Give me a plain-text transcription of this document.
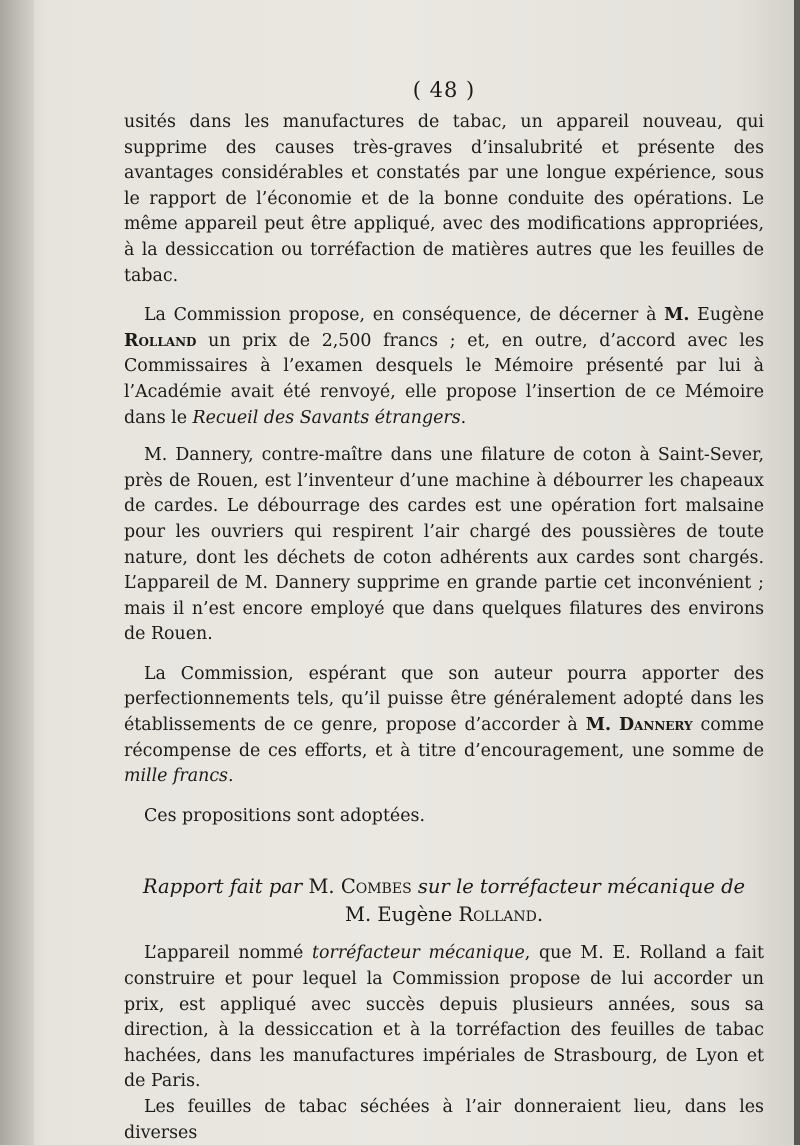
( 48 )

usités dans les manufactures de tabac, un appareil nouveau, qui supprime des causes très-graves d’insalubrité et présente des avantages considérables et constatés par une longue expérience, sous le rapport de l’économie et de la bonne conduite des opérations. Le même appareil peut être appliqué, avec des modifications appropriées, à la dessiccation ou torréfaction de matières autres que les feuilles de tabac.

La Commission propose, en conséquence, de décerner à M. Eugène Rolland un prix de 2,500 francs ; et, en outre, d’accord avec les Commissaires à l’examen desquels le Mémoire présenté par lui à l’Académie avait été renvoyé, elle propose l’insertion de ce Mémoire dans le Recueil des Savants étrangers.

M. Dannery, contre-maître dans une filature de coton à Saint-Sever, près de Rouen, est l’inventeur d’une machine à débourrer les chapeaux de cardes. Le débourrage des cardes est une opération fort malsaine pour les ouvriers qui respirent l’air chargé des poussières de toute nature, dont les déchets de coton adhérents aux cardes sont chargés. L’appareil de M. Dannery supprime en grande partie cet inconvénient ; mais il n’est encore employé que dans quelques filatures des environs de Rouen.

La Commission, espérant que son auteur pourra apporter des perfectionnements tels, qu’il puisse être généralement adopté dans les établissements de ce genre, propose d’accorder à M. Dannery comme récompense de ces efforts, et à titre d’encouragement, une somme de mille francs.

Ces propositions sont adoptées.

Rapport fait par M. Combes sur le torréfacteur mécanique de
M. Eugène Rolland.

L’appareil nommé torréfacteur mécanique, que M. E. Rolland a fait construire et pour lequel la Commission propose de lui accorder un prix, est appliqué avec succès depuis plusieurs années, sous sa direction, à la dessiccation et à la torréfaction des feuilles de tabac hachées, dans les manufactures impériales de Strasbourg, de Lyon et de Paris.

Les feuilles de tabac séchées à l’air donneraient lieu, dans les diverses
